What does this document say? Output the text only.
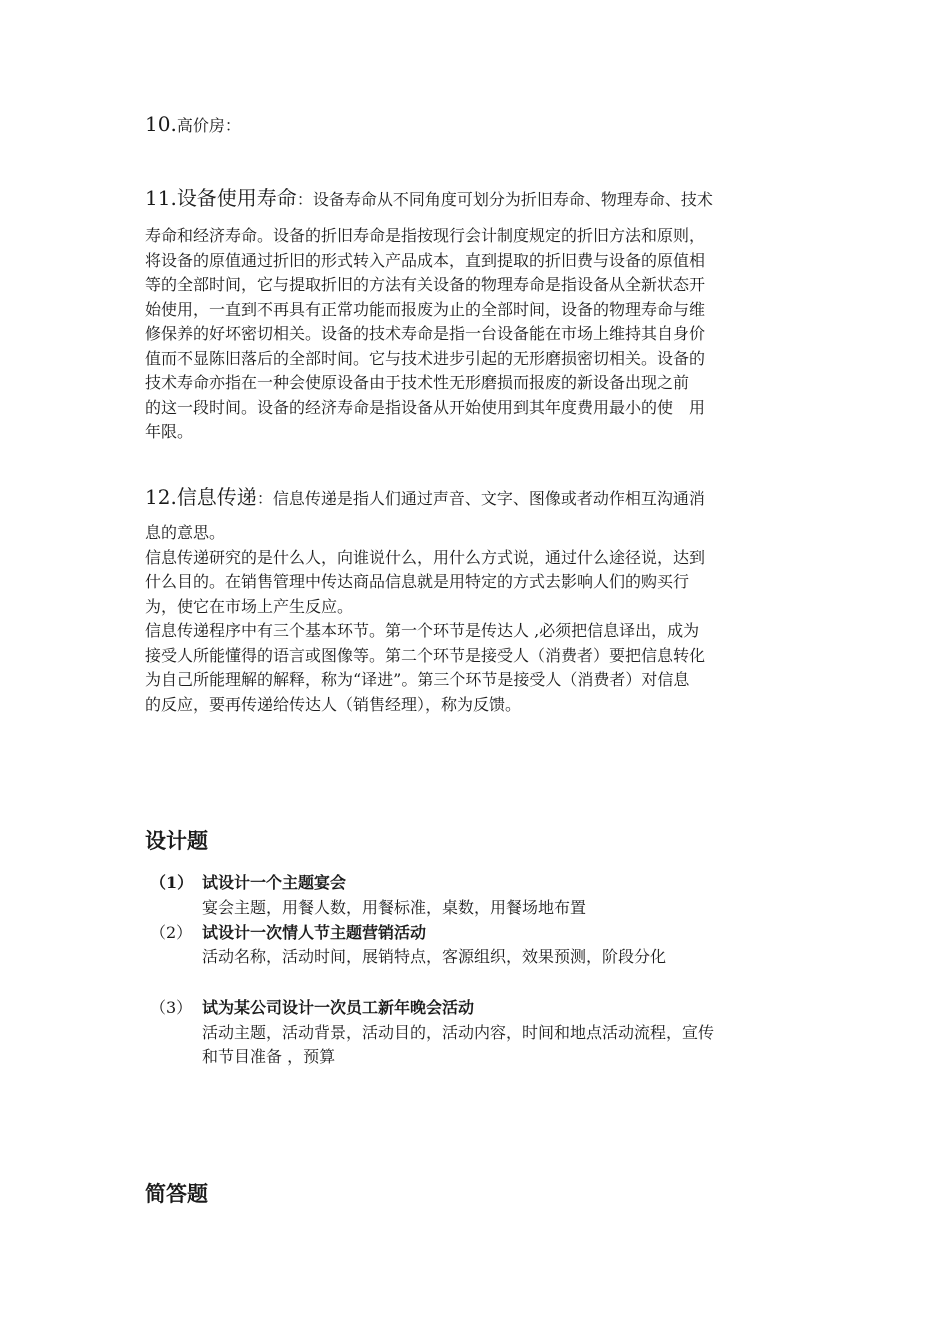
10.高价房：
11.设备使用寿命：设备寿命从不同角度可划分为折旧寿命、物理寿命、技术
寿命和经济寿命。设备的折旧寿命是指按现行会计制度规定的折旧方法和原则，
将设备的原值通过折旧的形式转入产品成本，直到提取的折旧费与设备的原值相
等的全部时间，它与提取折旧的方法有关设备的物理寿命是指设备从全新状态开
始使用，一直到不再具有正常功能而报废为止的全部时间，设备的物理寿命与维
修保养的好坏密切相关。设备的技术寿命是指一台设备能在市场上维持其自身价
值而不显陈旧落后的全部时间。它与技术进步引起的无形磨损密切相关。设备的
技术寿命亦指在一种会使原设备由于技术性无形磨损而报废的新设备出现之前
的这一段时间。设备的经济寿命是指设备从开始使用到其年度费用最小的使　用
年限。
12.信息传递：信息传递是指人们通过声音、文字、图像或者动作相互沟通消
息的意思。
信息传递研究的是什么人，向谁说什么，用什么方式说，通过什么途径说，达到
什么目的。在销售管理中传达商品信息就是用特定的方式去影响人们的购买行
为，使它在市场上产生反应。
信息传递程序中有三个基本环节。第一个环节是传达人 ,必须把信息译出，成为
接受人所能懂得的语言或图像等。第二个环节是接受人（消费者）要把信息转化
为自己所能理解的解释，称为“译进”。第三个环节是接受人（消费者）对信息
的反应，要再传递给传达人（销售经理），称为反馈。
设计题
（1） 试设计一个主题宴会
宴会主题，用餐人数，用餐标准，桌数，用餐场地布置
（2） 试设计一次情人节主题营销活动
活动名称，活动时间，展销特点，客源组织，效果预测，阶段分化
（3） 试为某公司设计一次员工新年晚会活动
活动主题，活动背景，活动目的，活动内容，时间和地点活动流程，宣传
和节目准备 ，预算
简答题
